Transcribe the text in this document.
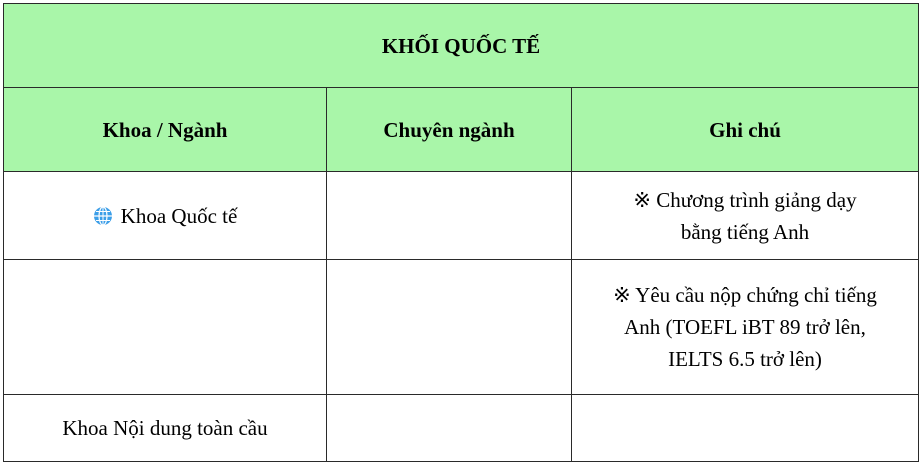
KHỐI QUỐC TẾ		
Khoa / Ngành	Chuyên ngành	Ghi chú
Khoa Quốc tế		※ Chương trình giảng dạy
bằng tiếng Anh

		※ Yêu cầu nộp chứng chỉ tiếng
Anh (TOEFL iBT 89 trở lên,
IELTS 6.5 trở lên)

Khoa Nội dung toàn cầu		
